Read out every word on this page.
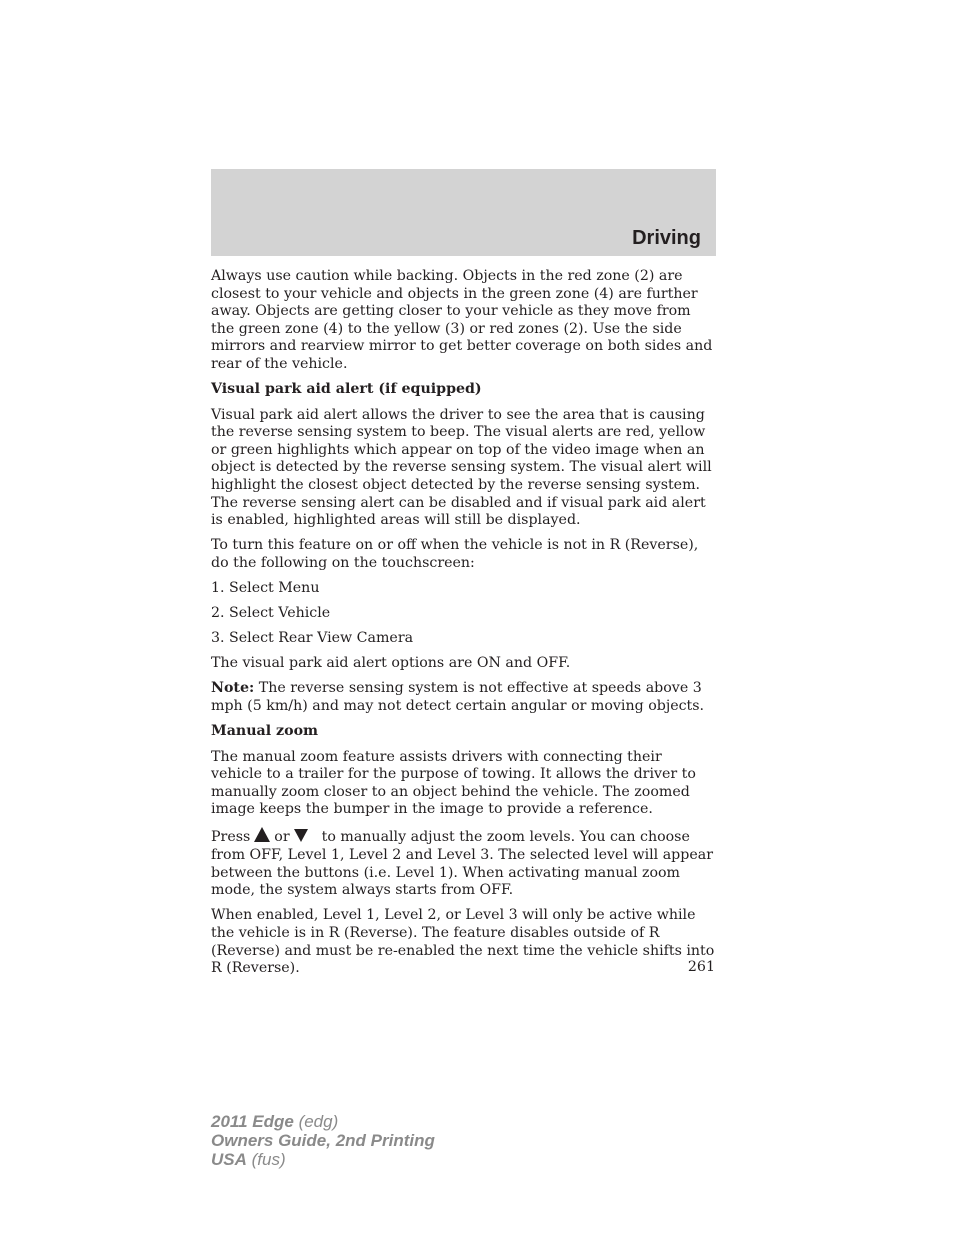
Driving

Always use caution while backing. Objects in the red zone (2) are closest to your vehicle and objects in the green zone (4) are further away. Objects are getting closer to your vehicle as they move from the green zone (4) to the yellow (3) or red zones (2). Use the side mirrors and rearview mirror to get better coverage on both sides and rear of the vehicle.

Visual park aid alert (if equipped)

Visual park aid alert allows the driver to see the area that is causing the reverse sensing system to beep. The visual alerts are red, yellow or green highlights which appear on top of the video image when an object is detected by the reverse sensing system. The visual alert will highlight the closest object detected by the reverse sensing system. The reverse sensing alert can be disabled and if visual park aid alert is enabled, highlighted areas will still be displayed.

To turn this feature on or off when the vehicle is not in R (Reverse), do the following on the touchscreen:

1. Select Menu

2. Select Vehicle

3. Select Rear View Camera

The visual park aid alert options are ON and OFF.

Note: The reverse sensing system is not effective at speeds above 3 mph (5 km/h) and may not detect certain angular or moving objects.

Manual zoom

The manual zoom feature assists drivers with connecting their vehicle to a trailer for the purpose of towing. It allows the driver to manually zoom closer to an object behind the vehicle. The zoomed image keeps the bumper in the image to provide a reference.

Press or to manually adjust the zoom levels. You can choose from OFF, Level 1, Level 2 and Level 3. The selected level will appear between the buttons (i.e. Level 1). When activating manual zoom mode, the system always starts from OFF.

When enabled, Level 1, Level 2, or Level 3 will only be active while the vehicle is in R (Reverse). The feature disables outside of R (Reverse) and must be re-enabled the next time the vehicle shifts into R (Reverse).	261
2011 Edge (edg)
Owners Guide, 2nd Printing
USA (fus)
